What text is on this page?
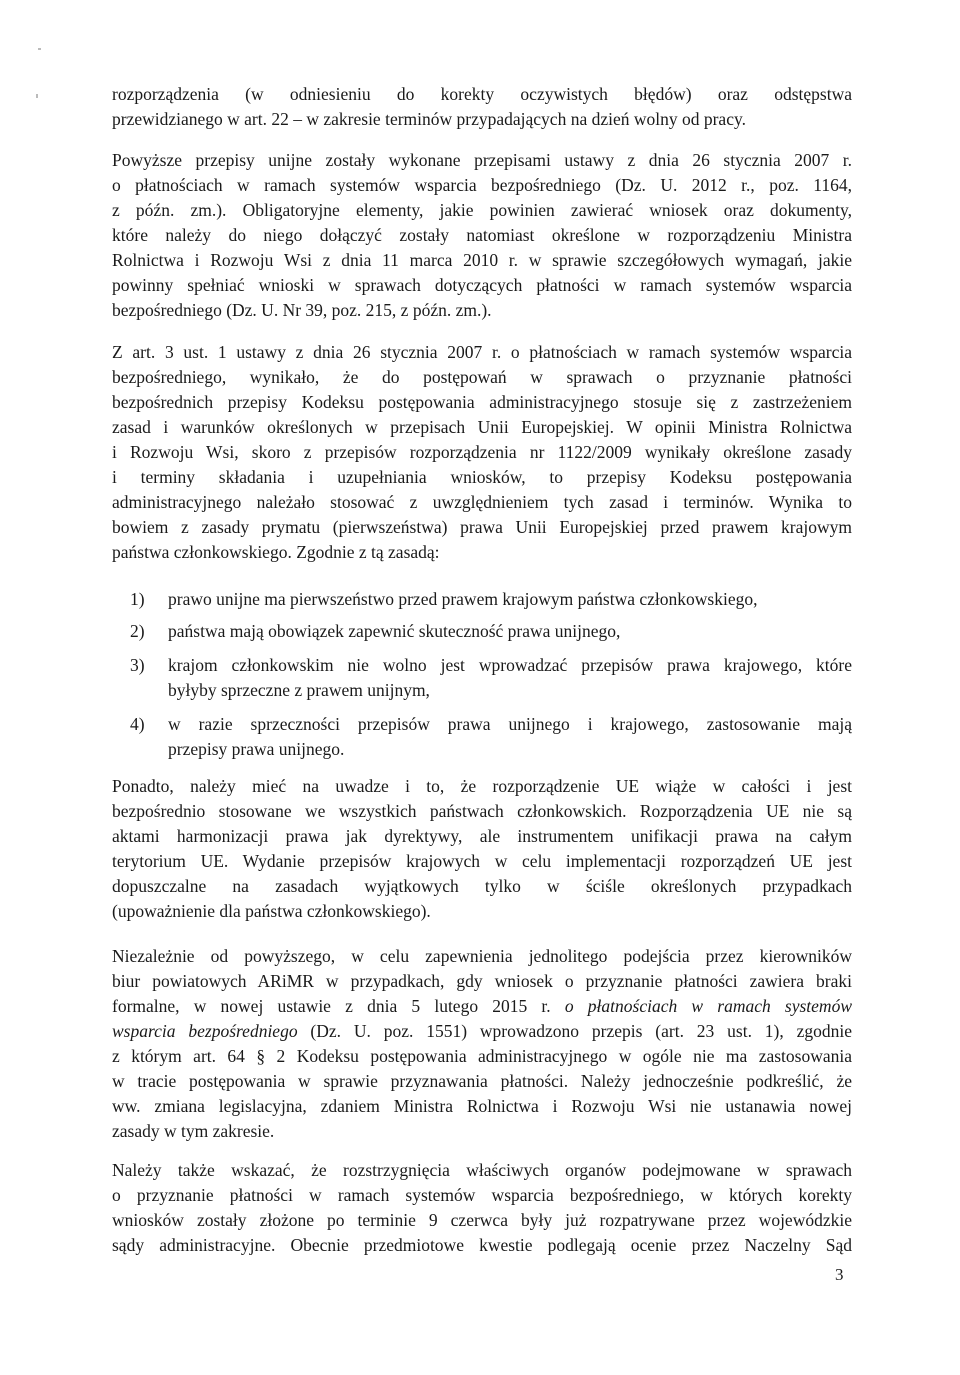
rozporządzenia (w odniesieniu do korekty oczywistych błędów) oraz odstępstwa
przewidzianego w art. 22 – w zakresie terminów przypadających na dzień wolny od pracy.
Powyższe przepisy unijne zostały wykonane przepisami ustawy z dnia 26 stycznia 2007 r.
o płatnościach w ramach systemów wsparcia bezpośredniego (Dz. U. 2012 r., poz. 1164,
z późn. zm.). Obligatoryjne elementy, jakie powinien zawierać wniosek oraz dokumenty,
które należy do niego dołączyć zostały natomiast określone w rozporządzeniu Ministra
Rolnictwa i Rozwoju Wsi z dnia 11 marca 2010 r. w sprawie szczegółowych wymagań, jakie
powinny spełniać wnioski w sprawach dotyczących płatności w ramach systemów wsparcia
bezpośredniego (Dz. U. Nr 39, poz. 215, z późn. zm.).
Z art. 3 ust. 1 ustawy z dnia 26 stycznia 2007 r. o płatnościach w ramach systemów wsparcia
bezpośredniego, wynikało, że do postępowań w sprawach o przyznanie płatności
bezpośrednich przepisy Kodeksu postępowania administracyjnego stosuje się z zastrzeżeniem
zasad i warunków określonych w przepisach Unii Europejskiej. W opinii Ministra Rolnictwa
i Rozwoju Wsi, skoro z przepisów rozporządzenia nr 1122/2009 wynikały określone zasady
i terminy składania i uzupełniania wniosków, to przepisy Kodeksu postępowania
administracyjnego należało stosować z uwzględnieniem tych zasad i terminów. Wynika to
bowiem z zasady prymatu (pierwszeństwa) prawa Unii Europejskiej przed prawem krajowym
państwa członkowskiego. Zgodnie z tą zasadą:
1) prawo unijne ma pierwszeństwo przed prawem krajowym państwa członkowskiego,
2) państwa mają obowiązek zapewnić skuteczność prawa unijnego,
3) krajom członkowskim nie wolno jest wprowadzać przepisów prawa krajowego, które
byłyby sprzeczne z prawem unijnym,
4) w razie sprzeczności przepisów prawa unijnego i krajowego, zastosowanie mają
przepisy prawa unijnego.
Ponadto, należy mieć na uwadze i to, że rozporządzenie UE wiąże w całości i jest
bezpośrednio stosowane we wszystkich państwach członkowskich. Rozporządzenia UE nie są
aktami harmonizacji prawa jak dyrektywy, ale instrumentem unifikacji prawa na całym
terytorium UE. Wydanie przepisów krajowych w celu implementacji rozporządzeń UE jest
dopuszczalne na zasadach wyjątkowych tylko w ściśle określonych przypadkach
(upoważnienie dla państwa członkowskiego).
Niezależnie od powyższego, w celu zapewnienia jednolitego podejścia przez kierowników
biur powiatowych ARiMR w przypadkach, gdy wniosek o przyznanie płatności zawiera braki
formalne, w nowej ustawie z dnia 5 lutego 2015 r. o płatnościach w ramach systemów
wsparcia bezpośredniego (Dz. U. poz. 1551) wprowadzono przepis (art. 23 ust. 1), zgodnie
z którym art. 64 § 2 Kodeksu postępowania administracyjnego w ogóle nie ma zastosowania
w tracie postępowania w sprawie przyznawania płatności. Należy jednocześnie podkreślić, że
ww. zmiana legislacyjna, zdaniem Ministra Rolnictwa i Rozwoju Wsi nie ustanawia nowej
zasady w tym zakresie.
Należy także wskazać, że rozstrzygnięcia właściwych organów podejmowane w sprawach
o przyznanie płatności w ramach systemów wsparcia bezpośredniego, w których korekty
wniosków zostały złożone po terminie 9 czerwca były już rozpatrywane przez wojewódzkie
sądy administracyjne. Obecnie przedmiotowe kwestie podlegają ocenie przez Naczelny Sąd
3
